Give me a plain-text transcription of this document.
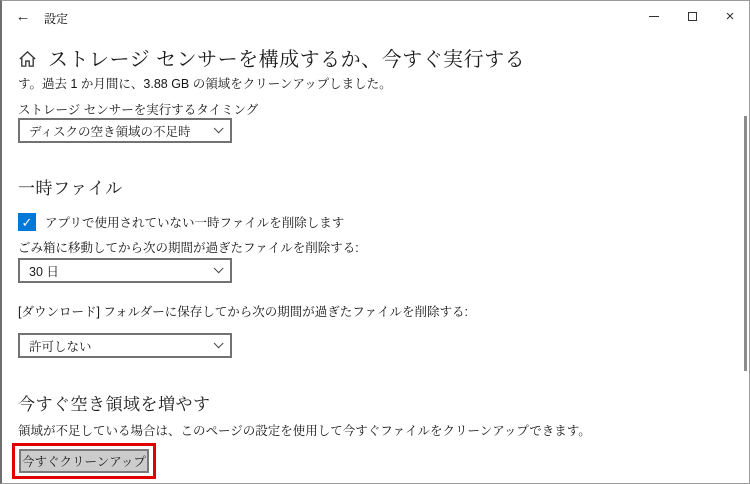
← 設定	×
ストレージ センサーを構成するか、今すぐ実行する
す。過去 1 か月間に、3.88 GB の領域をクリーンアップしました。
ストレージ センサーを実行するタイミング
ディスクの空き領域の不足時
一時ファイル
✓ アプリで使用されていない一時ファイルを削除します
ごみ箱に移動してから次の期間が過ぎたファイルを削除する:
30 日
[ダウンロード] フォルダーに保存してから次の期間が過ぎたファイルを削除する:
許可しない
今すぐ空き領域を増やす
領域が不足している場合は、このページの設定を使用して今すぐファイルをクリーンアップできます。
今すぐクリーンアップ
